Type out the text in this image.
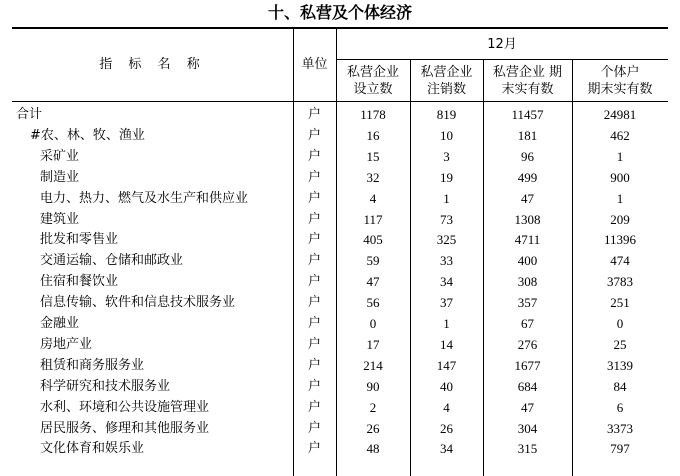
十、私营及个体经济
指 标 名 称	单位
12月
私营企业
设立数
私营企业
注销数
私营企业 期
末实有数
个体户
期末实有数
合计	户	1178	819	11457	24981
#农、林、牧、渔业	户	16	10	181	462
采矿业	户	15	3	96	1
制造业	户	32	19	499	900
电力、热力、燃气及水生产和供应业	户	4	1	47	1
建筑业	户	117	73	1308	209
批发和零售业	户	405	325	4711	11396
交通运输、仓储和邮政业	户	59	33	400	474
住宿和餐饮业	户	47	34	308	3783
信息传输、软件和信息技术服务业	户	56	37	357	251
金融业	户	0	1	67	0
房地产业	户	17	14	276	25
租赁和商务服务业	户	214	147	1677	3139
科学研究和技术服务业	户	90	40	684	84
水利、环境和公共设施管理业	户	2	4	47	6
居民服务、修理和其他服务业	户	26	26	304	3373
文化体育和娱乐业	户	48	34	315	797
